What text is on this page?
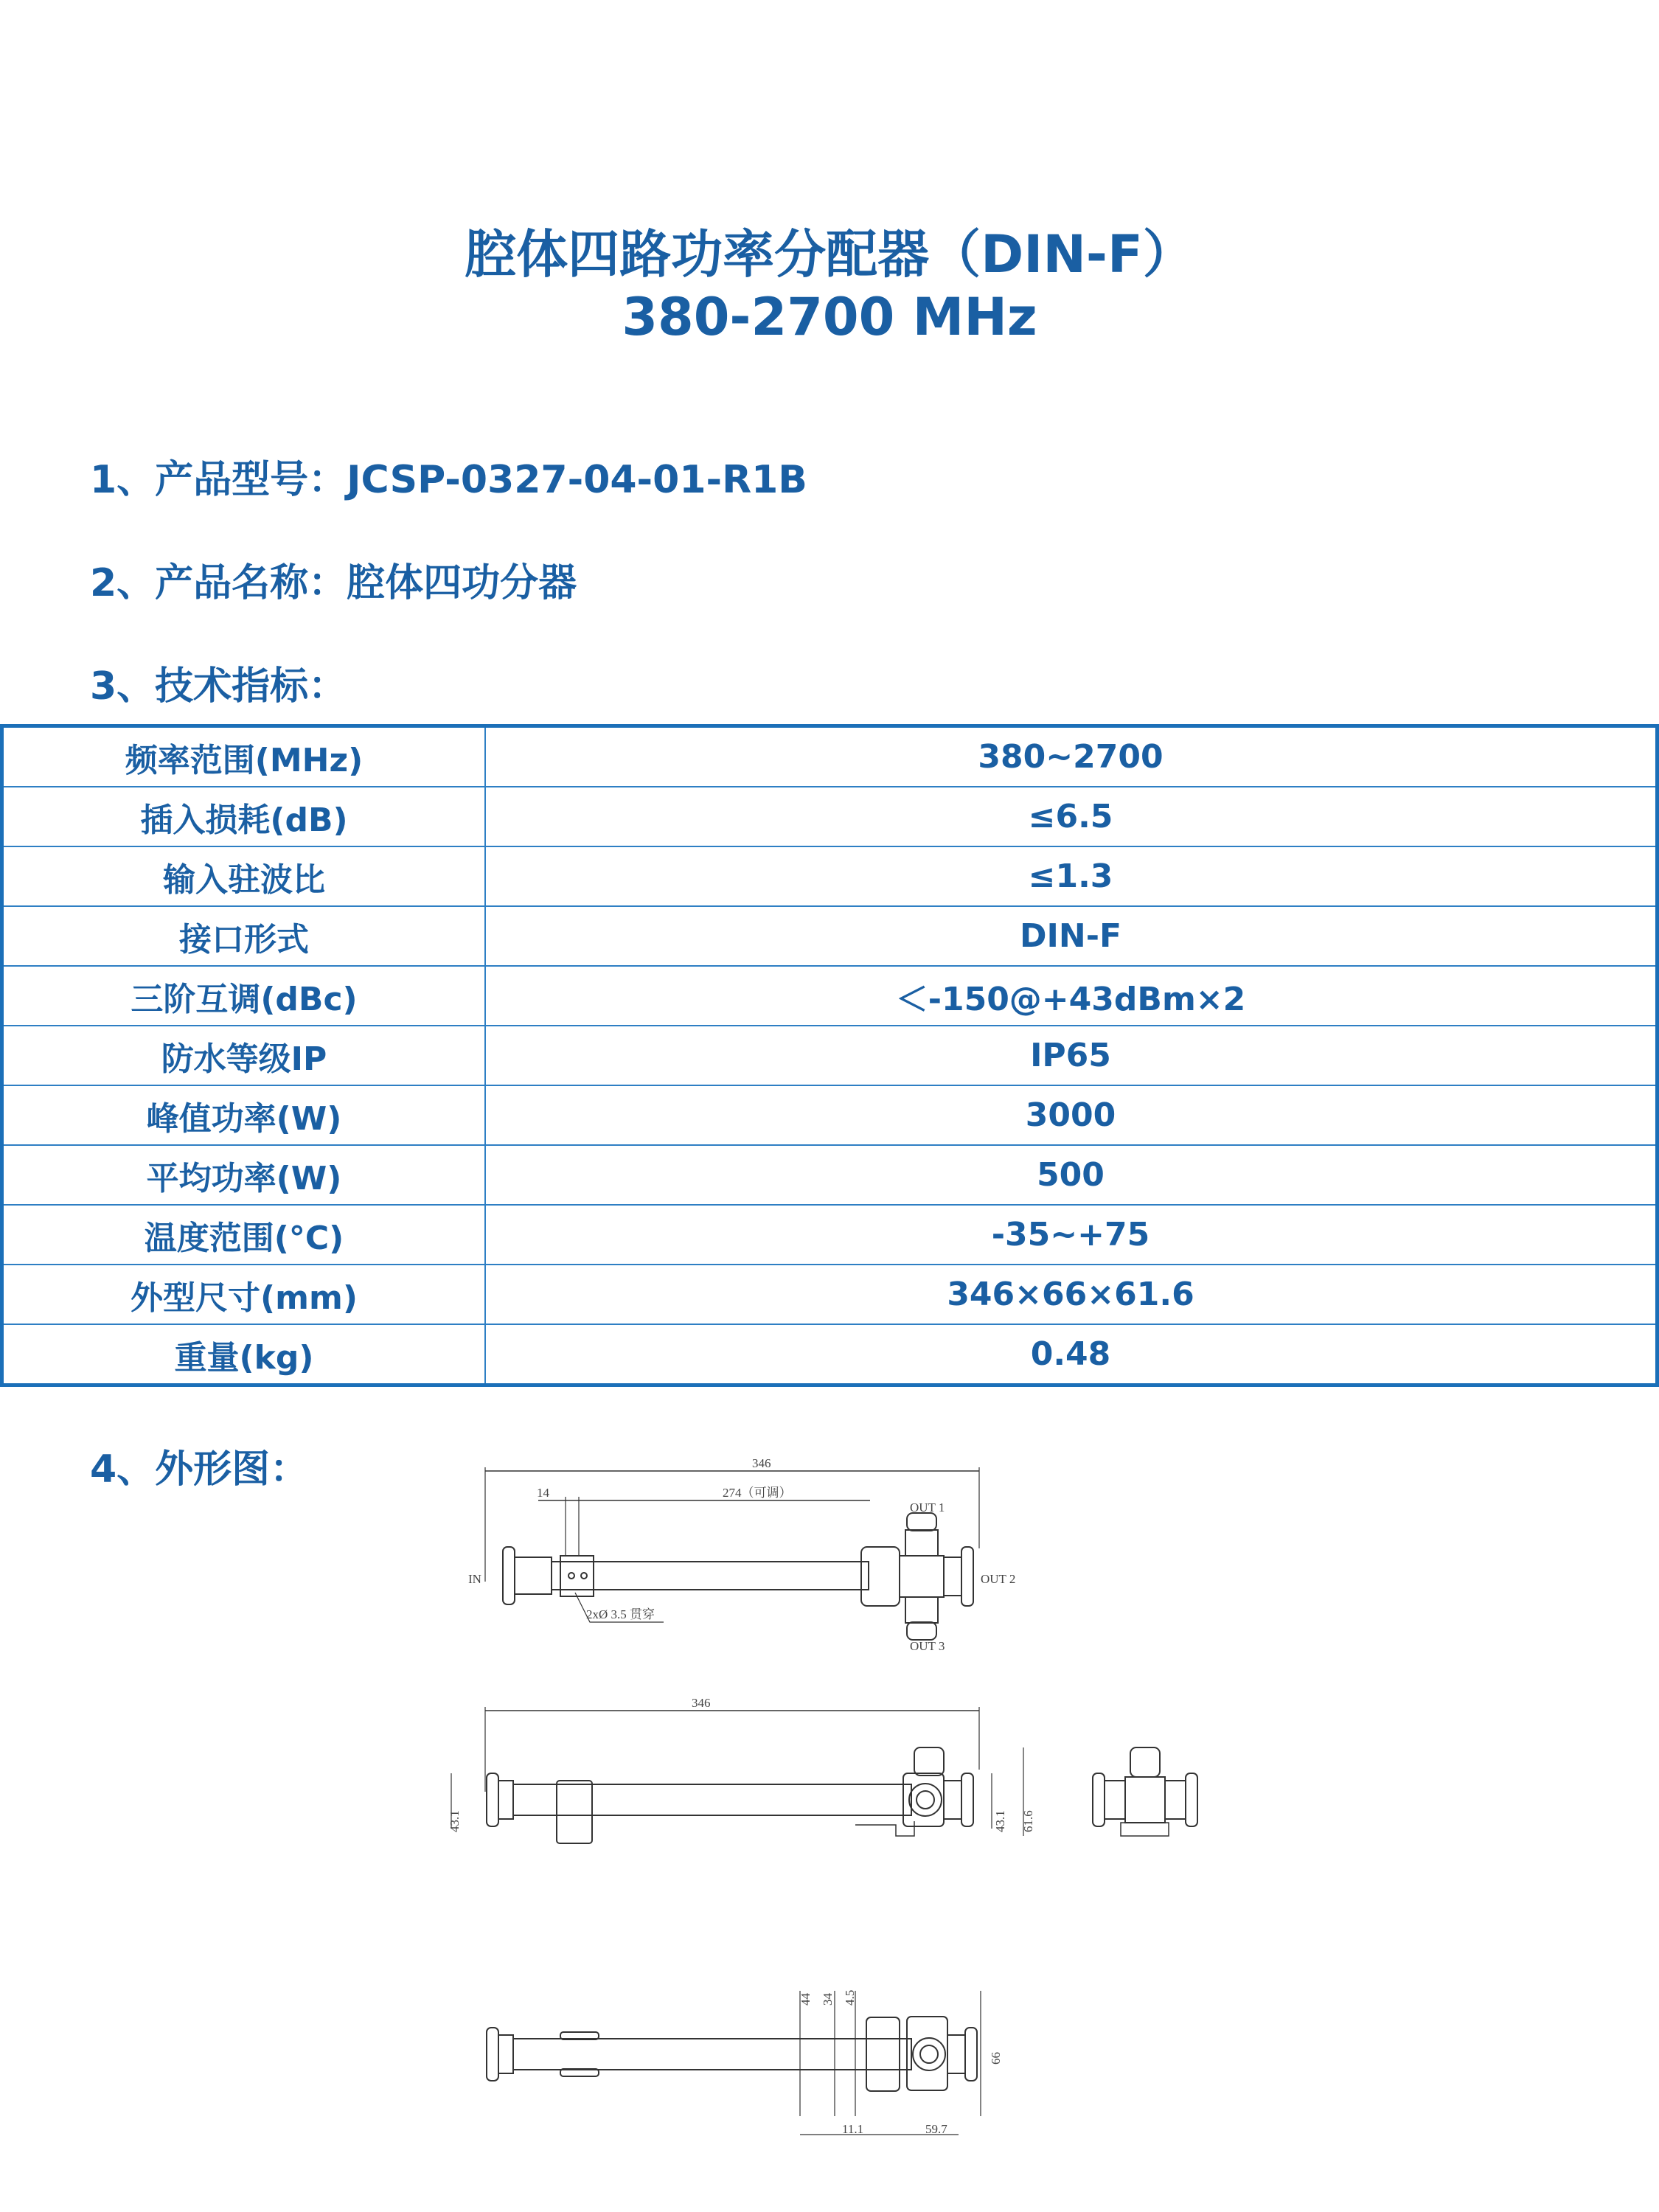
腔体四路功率分配器（DIN-F）
380-2700 MHz
1、产品型号：JCSP-0327-04-01-R1B
2、产品名称：腔体四功分器
3、技术指标：
频率范围(MHz)	380~2700
插入损耗(dB)	≤6.5
输入驻波比	≤1.3
接口形式	DIN-F
三阶互调(dBc)	＜-150@+43dBm×2
防水等级IP	IP65
峰值功率(W)	3000
平均功率(W)	500
温度范围(°C)	-35~+75
外型尺寸(mm)	346×66×61.6
重量(kg)	0.48
4、外形图：	346
14	274（可调）
IN
OUT 1
OUT 2
OUT 3
2xØ 3.5 贯穿
346
43.1	43.1 61.6
44 34 4.5
66
11.1	59.7
